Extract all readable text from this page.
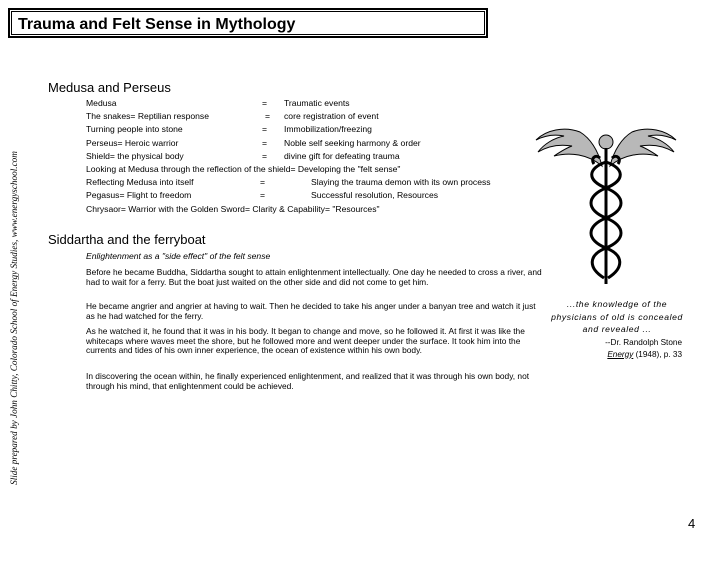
Trauma and Felt Sense in Mythology
Slide prepared by John Chitty, Colorado School of Energy Studies, www.energyschool.com
Medusa and Perseus
Medusa	= Traumatic events
The snakes= Reptilian response	= core registration of event
Turning people into stone	= Immobilization/freezing
Perseus= Heroic warrior	= Noble self seeking harmony & order
Shield= the physical body	= divine gift for defeating trauma
Looking at Medusa through the reflection of the shield= Developing the "felt sense"
Reflecting Medusa into itself	=	Slaying the trauma demon with its own process
Pegasus= Flight to freedom	=	Successful resolution, Resources
Chrysaor= Warrior with the Golden Sword= Clarity & Capability= "Resources"
Siddartha and the ferryboat
Enlightenment as a "side effect" of the felt sense
Before he became Buddha, Siddartha sought to attain enlightenment intellectually. One day he needed to cross a river, and had to wait for a ferry. But the boat just waited on the other side and did not come to get him.
He became angrier and angrier at having to wait. Then he decided to take his anger under a banyan tree and watch it just as he had watched for the ferry.
As he watched it, he found that it was in his body. It began to change and move, so he followed it. At first it was like the whitecaps where waves meet the shore, but he followed more and went deeper under the surface. It took him into the currents and tides of his own inner experience, the ocean of existence within his own body.
In discovering the ocean within, he finally experienced enlightenment, and realized that it was through his own body, not through his mind, that enlightenment could be achieved.
...the knowledge of the physicians of old is concealed and revealed ...
--Dr. Randolph Stone
Energy (1948), p. 33
4
